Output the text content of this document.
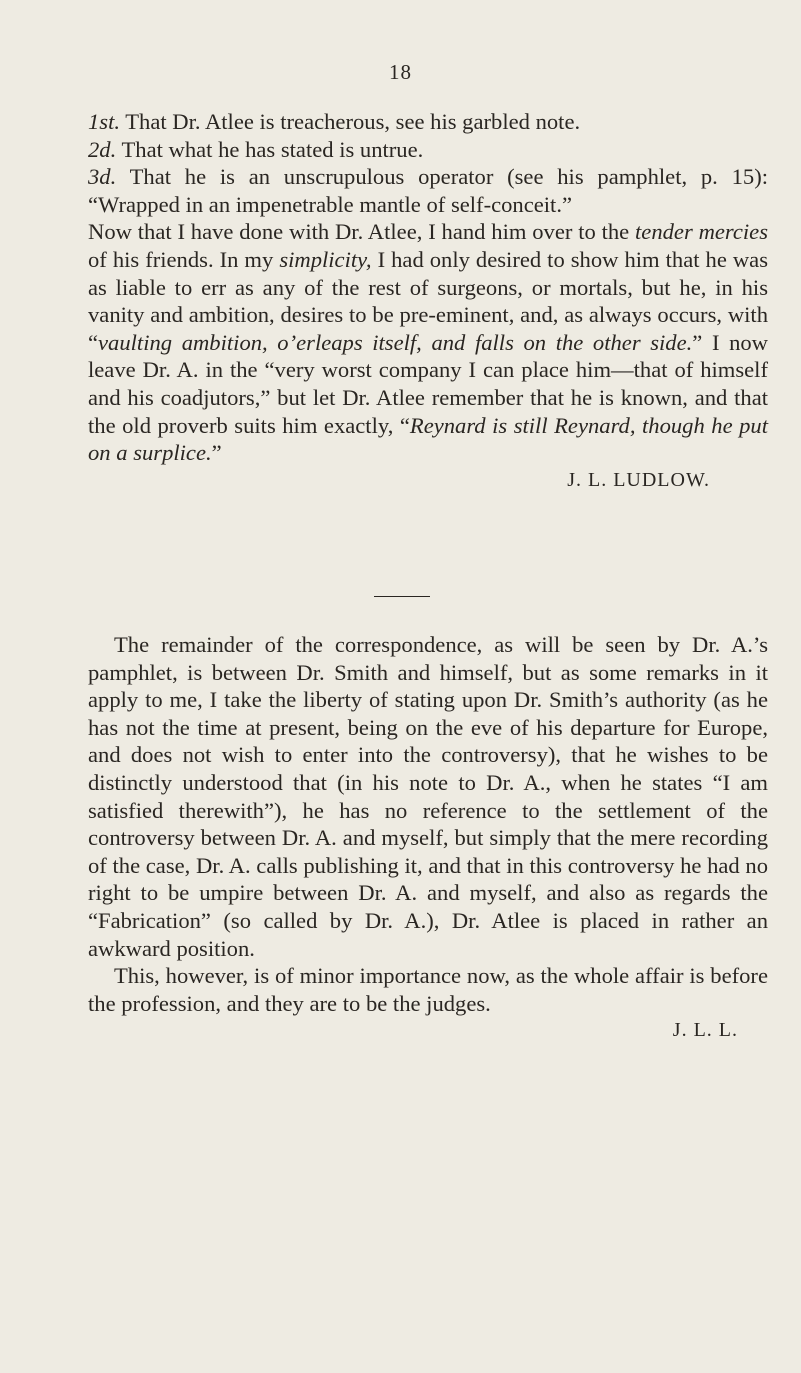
18

1st. That Dr. Atlee is treacherous, see his garbled note.

2d. That what he has stated is untrue.

3d. That he is an unscrupulous operator (see his pamphlet, p. 15): “Wrapped in an impenetrable mantle of self-conceit.”

Now that I have done with Dr. Atlee, I hand him over to the tender mercies of his friends. In my simplicity, I had only desired to show him that he was as liable to err as any of the rest of surgeons, or mortals, but he, in his vanity and ambition, desires to be pre-eminent, and, as always occurs, with “vaulting ambition, o’erleaps itself, and falls on the other side.” I now leave Dr. A. in the “very worst company I can place him—that of himself and his coadjutors,” but let Dr. Atlee remember that he is known, and that the old proverb suits him exactly, “Reynard is still Reynard, though he put on a surplice.”

J. L. LUDLOW.

The remainder of the correspondence, as will be seen by Dr. A.’s pamphlet, is between Dr. Smith and himself, but as some remarks in it apply to me, I take the liberty of stating upon Dr. Smith’s authority (as he has not the time at present, being on the eve of his departure for Europe, and does not wish to enter into the controversy), that he wishes to be distinctly understood that (in his note to Dr. A., when he states “I am satisfied therewith”), he has no reference to the settlement of the controversy between Dr. A. and myself, but simply that the mere recording of the case, Dr. A. calls publishing it, and that in this controversy he had no right to be umpire between Dr. A. and myself, and also as regards the “Fabrication” (so called by Dr. A.), Dr. Atlee is placed in rather an awkward position.

This, however, is of minor importance now, as the whole affair is before the profession, and they are to be the judges.

J. L. L.
